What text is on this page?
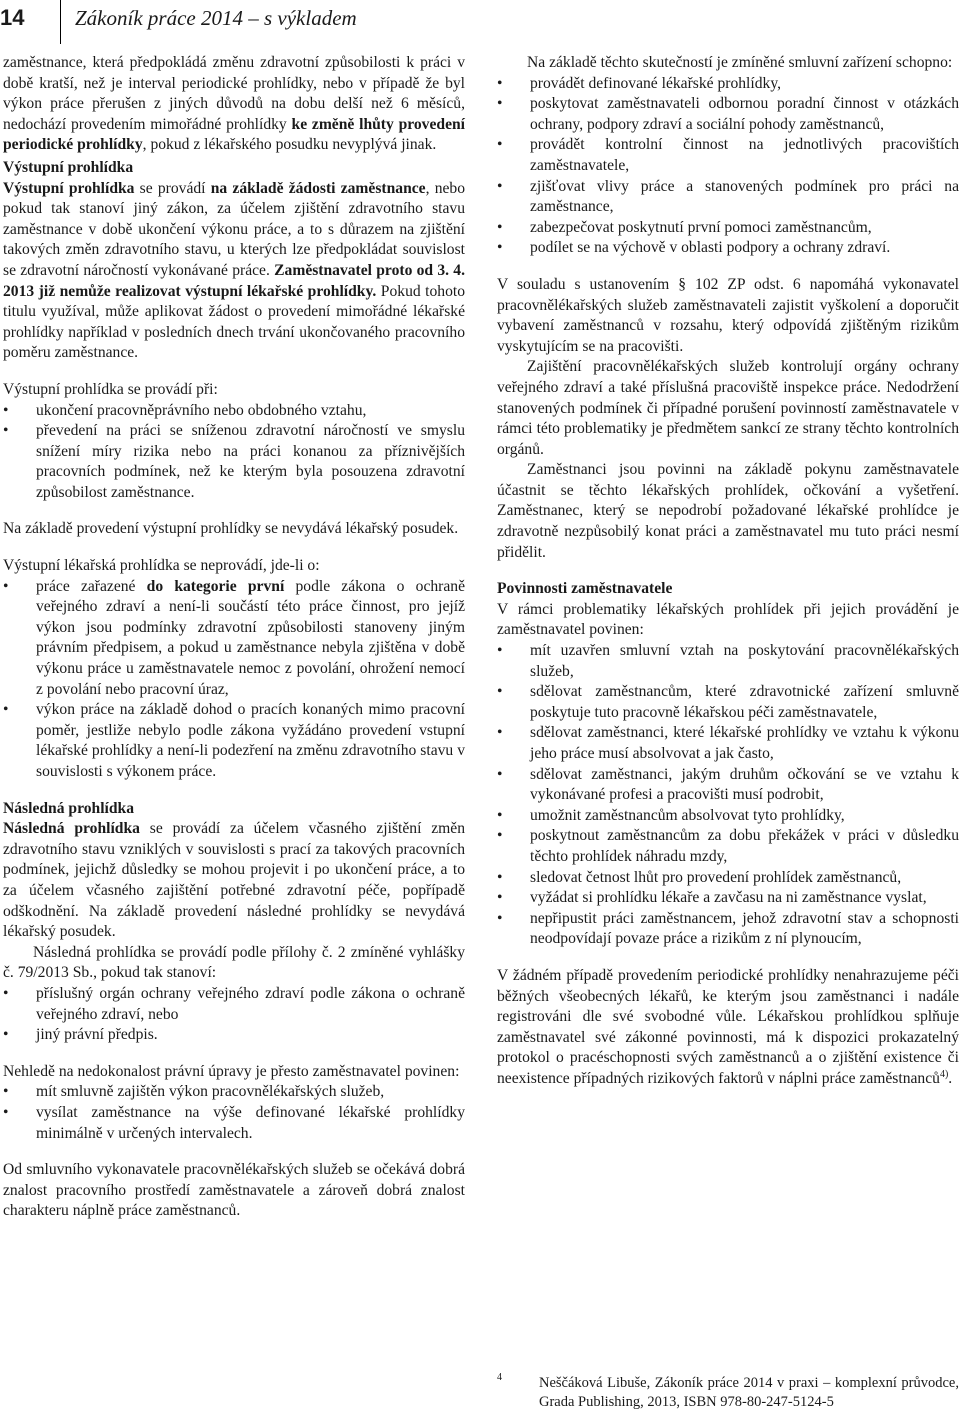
14 Zákoník práce 2014 – s výkladem

zaměstnance, která předpokládá změnu zdravotní způsobilosti k práci v době kratší, než je interval periodické prohlídky, nebo v případě že byl výkon práce přerušen z jiných důvodů na dobu delší než 6 měsíců, nedochází provedením mimořádné prohlídky ke změně lhůty provedení periodické prohlídky, pokud z lékařského posudku nevyplývá jinak.

Výstupní prohlídka

Výstupní prohlídka se provádí na základě žádosti zaměstnance, nebo pokud tak stanoví jiný zákon, za účelem zjištění zdravotního stavu zaměstnance v době ukončení výkonu práce, a to s důrazem na zjištění takových změn zdravotního stavu, u kterých lze předpokládat souvislost se zdravotní náročností vykonávané práce. Zaměstnavatel proto od 3. 4. 2013 již nemůže realizovat výstupní lékařské prohlídky. Pokud tohoto titulu využíval, může aplikovat žádost o provedení mimořádné lékařské prohlídky například v posledních dnech trvání ukončovaného pracovního poměru zaměstnance.

Výstupní prohlídka se provádí při:

• ukončení pracovněprávního nebo obdobného vztahu,
• převedení na práci se sníženou zdravotní náročností ve smyslu snížení míry rizika nebo na práci konanou za příznivějších pracovních podmínek, než ke kterým byla posouzena zdravotní způsobilost zaměstnance.

Na základě provedení výstupní prohlídky se nevydává lékařský posudek.

Výstupní lékařská prohlídka se neprovádí, jde-li o:

• práce zařazené do kategorie první podle zákona o ochraně veřejného zdraví a není-li součástí této práce činnost, pro jejíž výkon jsou podmínky zdravotní způsobilosti stanoveny jiným právním předpisem, a pokud u zaměstnance nebyla zjištěna v době výkonu práce u zaměstnavatele nemoc z povolání, ohrožení nemocí z povolání nebo pracovní úraz,
• výkon práce na základě dohod o pracích konaných mimo pracovní poměr, jestliže nebylo podle zákona vyžádáno provedení vstupní lékařské prohlídky a není-li podezření na změnu zdravotního stavu v souvislosti s výkonem práce.

Následná prohlídka

Následná prohlídka se provádí za účelem včasného zjištění změn zdravotního stavu vzniklých v souvislosti s prací za takových pracovních podmínek, jejichž důsledky se mohou projevit i po ukončení práce, a to za účelem včasného zajištění potřebné zdravotní péče, popřípadě odškodnění. Na základě provedení následné prohlídky se nevydává lékařský posudek.

Následná prohlídka se provádí podle přílohy č. 2 zmíněné vyhlášky č. 79/2013 Sb., pokud tak stanoví:

• příslušný orgán ochrany veřejného zdraví podle zákona o ochraně veřejného zdraví, nebo
• jiný právní předpis.

Nehledě na nedokonalost právní úpravy je přesto zaměstnavatel povinen:

• mít smluvně zajištěn výkon pracovnělékařských služeb,
• vysílat zaměstnance na výše definované lékařské prohlídky minimálně v určených intervalech.

Od smluvního vykonavatele pracovnělékařských služeb se očekává dobrá znalost pracovního prostředí zaměstnavatele a zároveň dobrá znalost charakteru náplně práce zaměstnanců.

Na základě těchto skutečností je zmíněné smluvní zařízení schopno:

• provádět definované lékařské prohlídky,
• poskytovat zaměstnavateli odbornou poradní činnost v otázkách ochrany, podpory zdraví a sociální pohody zaměstnanců,
• provádět kontrolní činnost na jednotlivých pracovištích zaměstnavatele,
• zjišťovat vlivy práce a stanovených podmínek pro práci na zaměstnance,
• zabezpečovat poskytnutí první pomoci zaměstnancům,
• podílet se na výchově v oblasti podpory a ochrany zdraví.

V souladu s ustanovením § 102 ZP odst. 6 napomáhá vykonavatel pracovnělékařských služeb zaměstnavateli zajistit vyškolení a doporučit vybavení zaměstnanců v rozsahu, který odpovídá zjištěným rizikům vyskytujícím se na pracovišti.

Zajištění pracovnělékařských služeb kontrolují orgány ochrany veřejného zdraví a také příslušná pracoviště inspekce práce. Nedodržení stanovených podmínek či případné porušení povinností zaměstnavatele v rámci této problematiky je předmětem sankcí ze strany těchto kontrolních orgánů.

Zaměstnanci jsou povinni na základě pokynu zaměstnavatele účastnit se těchto lékařských prohlídek, očkování a vyšetření. Zaměstnanec, který se nepodrobí požadované lékařské prohlídce je zdravotně nezpůsobilý konat práci a zaměstnavatel mu tuto práci nesmí přidělit.

Povinnosti zaměstnavatele

V rámci problematiky lékařských prohlídek při jejich provádění je zaměstnavatel povinen:

• mít uzavřen smluvní vztah na poskytování pracovnělékařských služeb,
• sdělovat zaměstnancům, které zdravotnické zařízení smluvně poskytuje tuto pracovně lékařskou péči zaměstnavatele,
• sdělovat zaměstnanci, které lékařské prohlídky ve vztahu k výkonu jeho práce musí absolvovat a jak často,
• sdělovat zaměstnanci, jakým druhům očkování se ve vztahu k vykonávané profesi a pracovišti musí podrobit,
• umožnit zaměstnancům absolvovat tyto prohlídky,
• poskytnout zaměstnancům za dobu překážek v práci v důsledku těchto prohlídek náhradu mzdy,
• sledovat četnost lhůt pro provedení prohlídek zaměstnanců,
• vyžádat si prohlídku lékaře a zavčasu na ni zaměstnance vyslat,
• nepřipustit práci zaměstnancem, jehož zdravotní stav a schopnosti neodpovídají povaze práce a rizikům z ní plynoucím,

V žádném případě provedením periodické prohlídky nenahrazujeme péči běžných všeobecných lékařů, ke kterým jsou zaměstnanci i nadále registrováni dle své svobodné vůle. Lékařskou prohlídkou splňuje zaměstnavatel své zákonné povinnosti, má k dispozici prokazatelný protokol o pracéschopnosti svých zaměstnanců a o zjištění existence či neexistence případných rizikových faktorů v náplni práce zaměstnanců$^{4)}$.

4	Neščáková Libuše, Zákoník práce 2014 v praxi – komplexní průvodce, Grada Publishing, 2013, ISBN 978-80-247-5124-5
